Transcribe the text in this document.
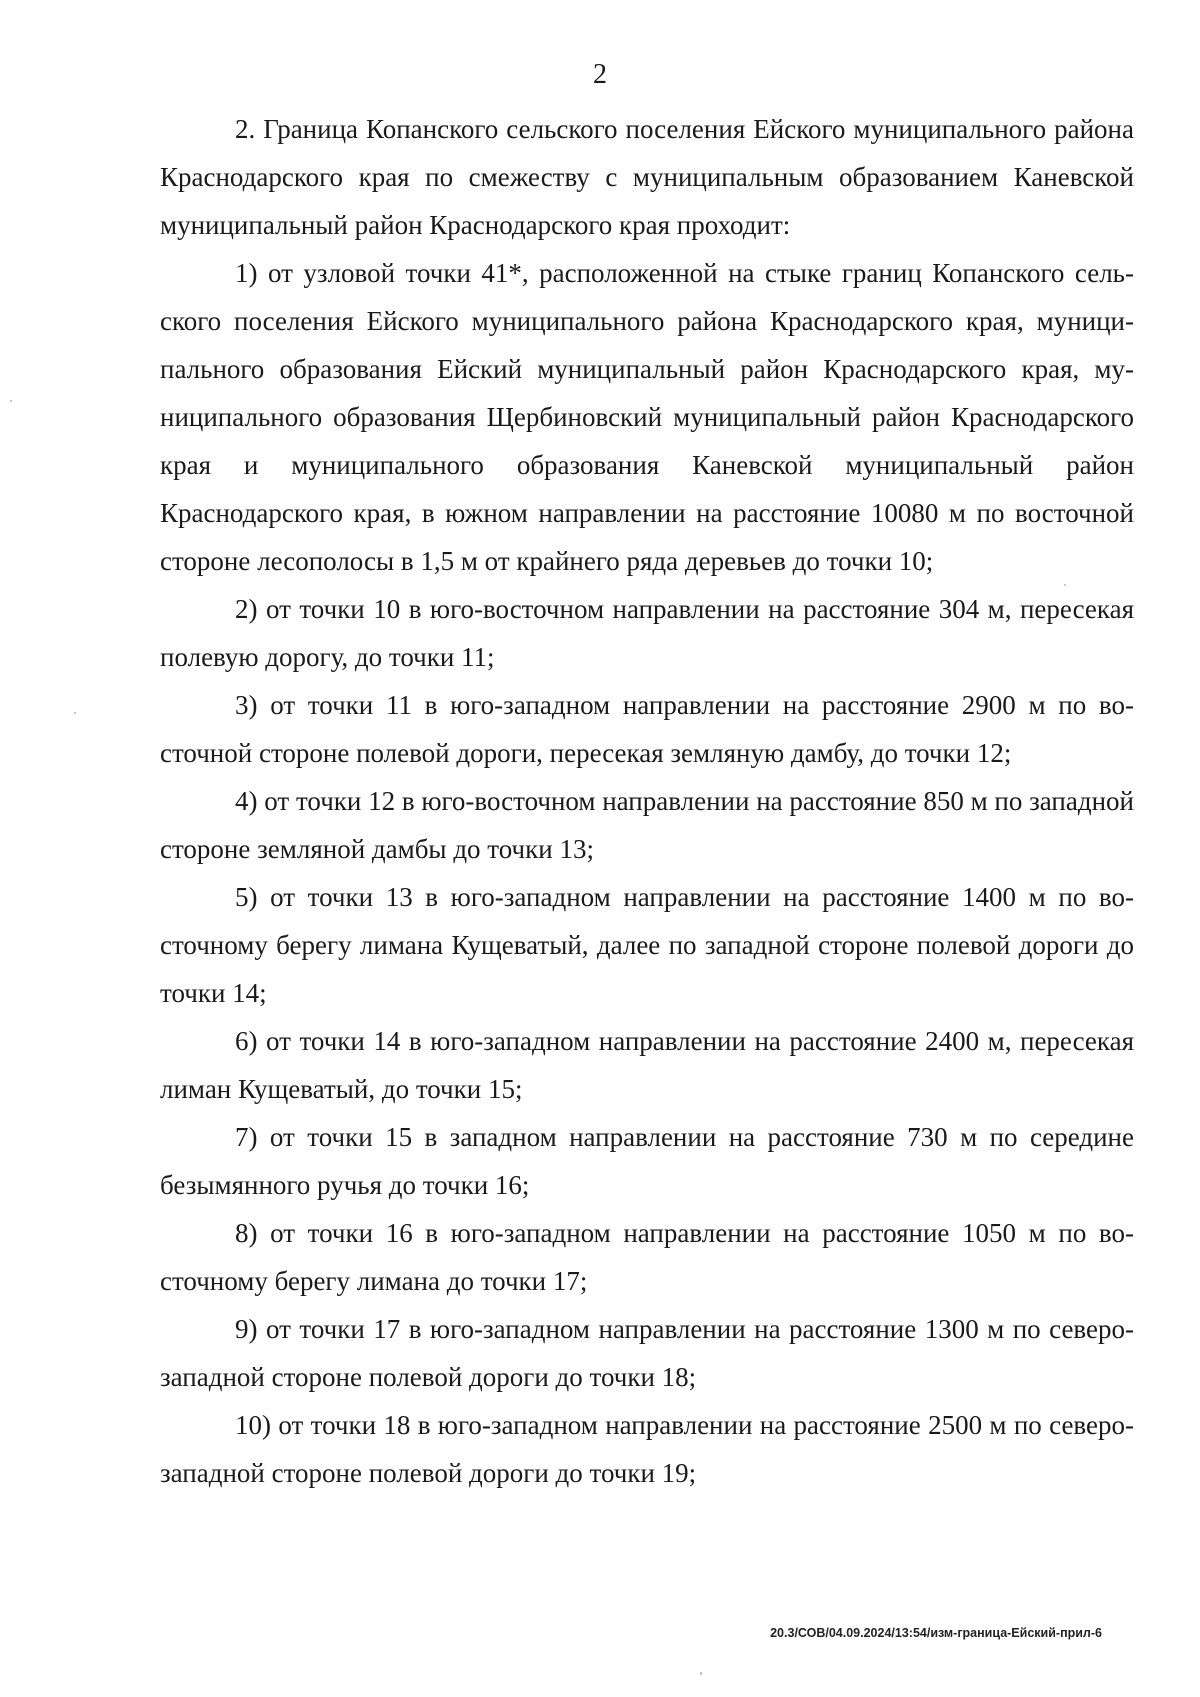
2

2. Граница Копанского сельского поселения Ейского муниципального района Краснодарского края по смежеству с муниципальным образованием Каневской муниципальный район Краснодарского края проходит:

1) от узловой точки 41*, расположенной на стыке границ Копанского сельского поселения Ейского муниципального района Краснодарского края, муниципального образования Ейский муниципальный район Краснодарского края, муниципального образования Щербиновский муниципальный район Краснодарского края и муниципального образования Каневской муниципальный район Краснодарского края, в южном направлении на расстояние 10080 м по восточной стороне лесополосы в 1,5 м от крайнего ряда деревьев до точки 10;

2) от точки 10 в юго-восточном направлении на расстояние 304 м, пересекая полевую дорогу, до точки 11;

3) от точки 11 в юго-западном направлении на расстояние 2900 м по восточной стороне полевой дороги, пересекая земляную дамбу, до точки 12;

4) от точки 12 в юго-восточном направлении на расстояние 850 м по западной стороне земляной дамбы до точки 13;

5) от точки 13 в юго-западном направлении на расстояние 1400 м по восточному берегу лимана Кущеватый, далее по западной стороне полевой дороги до точки 14;

6) от точки 14 в юго-западном направлении на расстояние 2400 м, пересекая лиман Кущеватый, до точки 15;

7) от точки 15 в западном направлении на расстояние 730 м по середине безымянного ручья до точки 16;

8) от точки 16 в юго-западном направлении на расстояние 1050 м по восточному берегу лимана до точки 17;

9) от точки 17 в юго-западном направлении на расстояние 1300 м по северо-западной стороне полевой дороги до точки 18;

10) от точки 18 в юго-западном направлении на расстояние 2500 м по северо-западной стороне полевой дороги до точки 19;

20.3/СОВ/04.09.2024/13:54/изм-граница-Ейский-прил-6
